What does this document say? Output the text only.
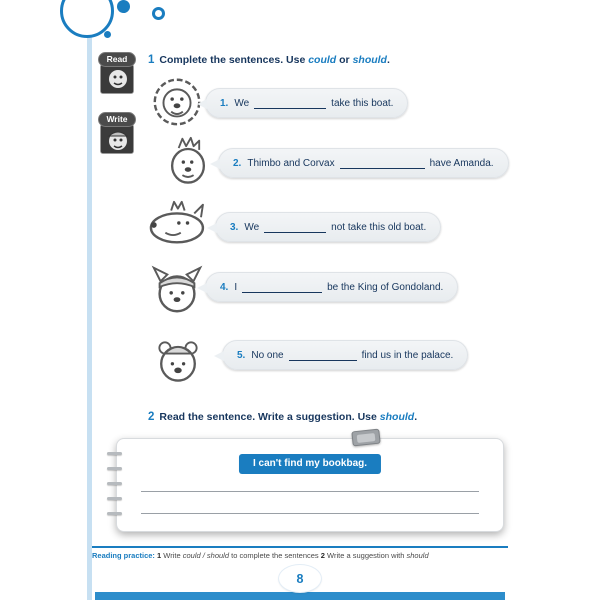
Read
Write
1 Complete the sentences. Use could or should.
1. We	take this boat.
2. Thimbo and Corvax	have Amanda.
3. We	not take this old boat.
4. I	be the King of Gondoland.
5. No one	find us in the palace.
2 Read the sentence. Write a suggestion. Use should.
I can't find my bookbag.
Reading practice: 1 Write could / should to complete the sentences 2 Write a suggestion with should
8
